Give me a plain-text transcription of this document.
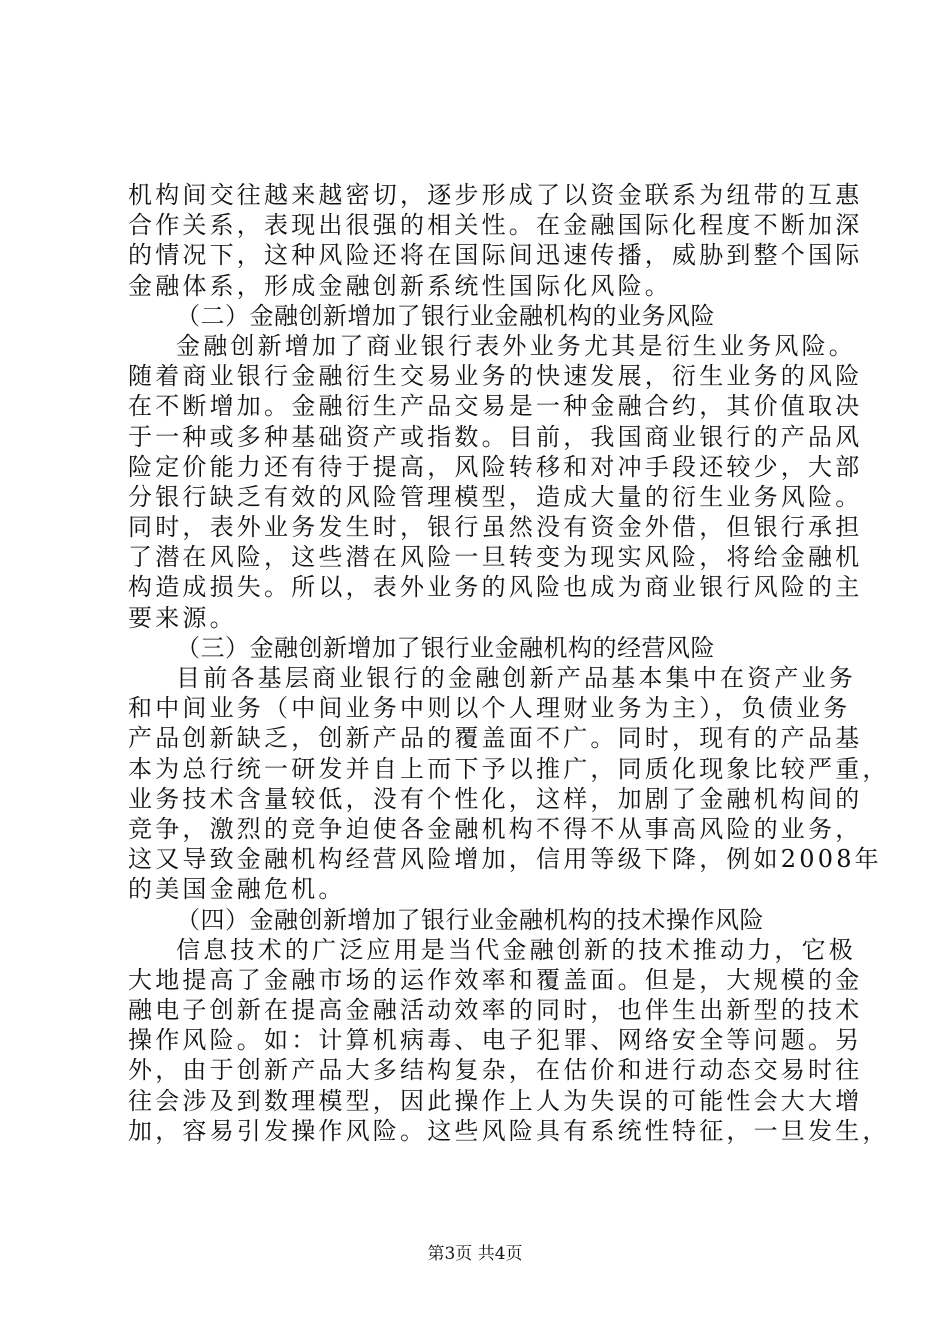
机构间交往越来越密切，逐步形成了以资金联系为纽带的互惠
合作关系，表现出很强的相关性。在金融国际化程度不断加深
的情况下，这种风险还将在国际间迅速传播，威胁到整个国际
金融体系，形成金融创新系统性国际化风险。
（二）金融创新增加了银行业金融机构的业务风险
金融创新增加了商业银行表外业务尤其是衍生业务风险。
随着商业银行金融衍生交易业务的快速发展，衍生业务的风险
在不断增加。金融衍生产品交易是一种金融合约，其价值取决
于一种或多种基础资产或指数。目前，我国商业银行的产品风
险定价能力还有待于提高，风险转移和对冲手段还较少，大部
分银行缺乏有效的风险管理模型，造成大量的衍生业务风险。
同时，表外业务发生时，银行虽然没有资金外借，但银行承担
了潜在风险，这些潜在风险一旦转变为现实风险，将给金融机
构造成损失。所以，表外业务的风险也成为商业银行风险的主
要来源。
（三）金融创新增加了银行业金融机构的经营风险
目前各基层商业银行的金融创新产品基本集中在资产业务
和中间业务（中间业务中则以个人理财业务为主），负债业务
产品创新缺乏，创新产品的覆盖面不广。同时，现有的产品基
本为总行统一研发并自上而下予以推广，同质化现象比较严重，
业务技术含量较低，没有个性化，这样，加剧了金融机构间的
竞争，激烈的竞争迫使各金融机构不得不从事高风险的业务，
这又导致金融机构经营风险增加，信用等级下降，例如2008年
的美国金融危机。
（四）金融创新增加了银行业金融机构的技术操作风险
信息技术的广泛应用是当代金融创新的技术推动力，它极
大地提高了金融市场的运作效率和覆盖面。但是，大规模的金
融电子创新在提高金融活动效率的同时，也伴生出新型的技术
操作风险。如：计算机病毒、电子犯罪、网络安全等问题。另
外，由于创新产品大多结构复杂，在估价和进行动态交易时往
往会涉及到数理模型，因此操作上人为失误的可能性会大大增
加，容易引发操作风险。这些风险具有系统性特征，一旦发生，
第3页 共4页
